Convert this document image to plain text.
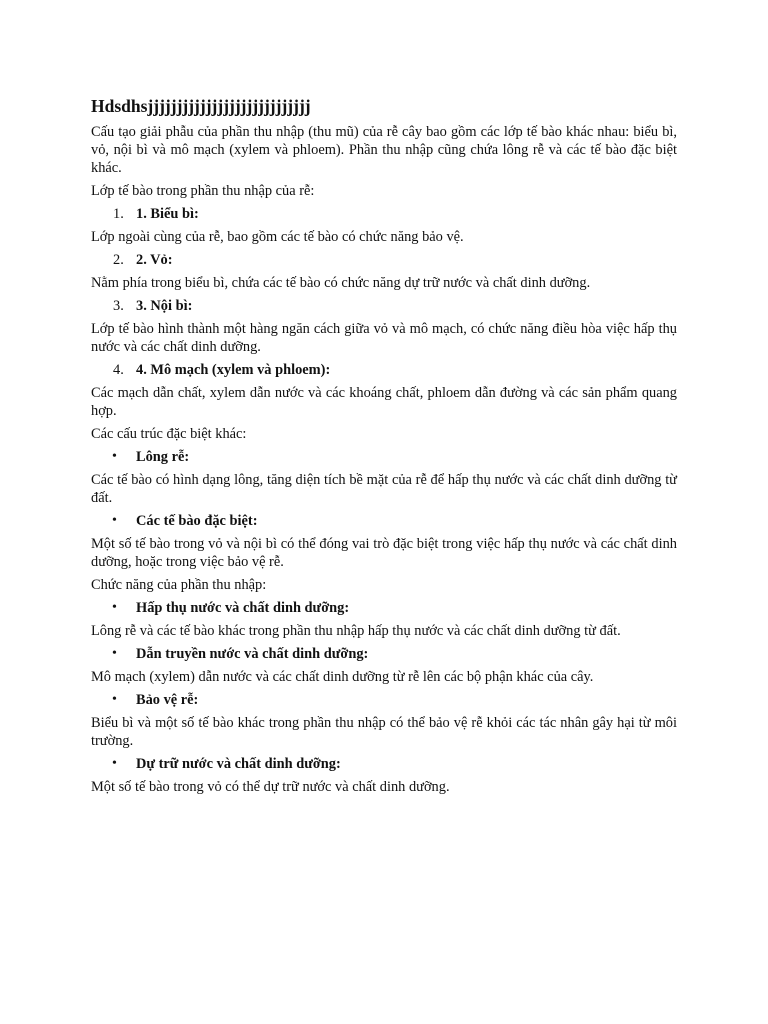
Hdsdhsjjjjjjjjjjjjjjjjjjjjjjjjjjjj

Cấu tạo giải phẫu của phần thu nhập (thu mũ) của rễ cây bao gồm các lớp tế bào khác nhau: biểu bì, vỏ, nội bì và mô mạch (xylem và phloem). Phần thu nhập cũng chứa lông rễ và các tế bào đặc biệt khác.

Lớp tế bào trong phần thu nhập của rễ:

1. 1. Biểu bì:

Lớp ngoài cùng của rễ, bao gồm các tế bào có chức năng bảo vệ.

2. 2. Vỏ:

Nằm phía trong biểu bì, chứa các tế bào có chức năng dự trữ nước và chất dinh dưỡng.

3. 3. Nội bì:

Lớp tế bào hình thành một hàng ngăn cách giữa vỏ và mô mạch, có chức năng điều hòa việc hấp thụ nước và các chất dinh dưỡng.

4. 4. Mô mạch (xylem và phloem):

Các mạch dẫn chất, xylem dẫn nước và các khoáng chất, phloem dẫn đường và các sản phẩm quang hợp.

Các cấu trúc đặc biệt khác:

• Lông rễ:

Các tế bào có hình dạng lông, tăng diện tích bề mặt của rễ để hấp thụ nước và các chất dinh dưỡng từ đất.

• Các tế bào đặc biệt:

Một số tế bào trong vỏ và nội bì có thể đóng vai trò đặc biệt trong việc hấp thụ nước và các chất dinh dưỡng, hoặc trong việc bảo vệ rễ.

Chức năng của phần thu nhập:

• Hấp thụ nước và chất dinh dưỡng:

Lông rễ và các tế bào khác trong phần thu nhập hấp thụ nước và các chất dinh dưỡng từ đất.

• Dẫn truyền nước và chất dinh dưỡng:

Mô mạch (xylem) dẫn nước và các chất dinh dưỡng từ rễ lên các bộ phận khác của cây.

• Bảo vệ rễ:

Biểu bì và một số tế bào khác trong phần thu nhập có thể bảo vệ rễ khỏi các tác nhân gây hại từ môi trường.

• Dự trữ nước và chất dinh dưỡng:

Một số tế bào trong vỏ có thể dự trữ nước và chất dinh dưỡng.
